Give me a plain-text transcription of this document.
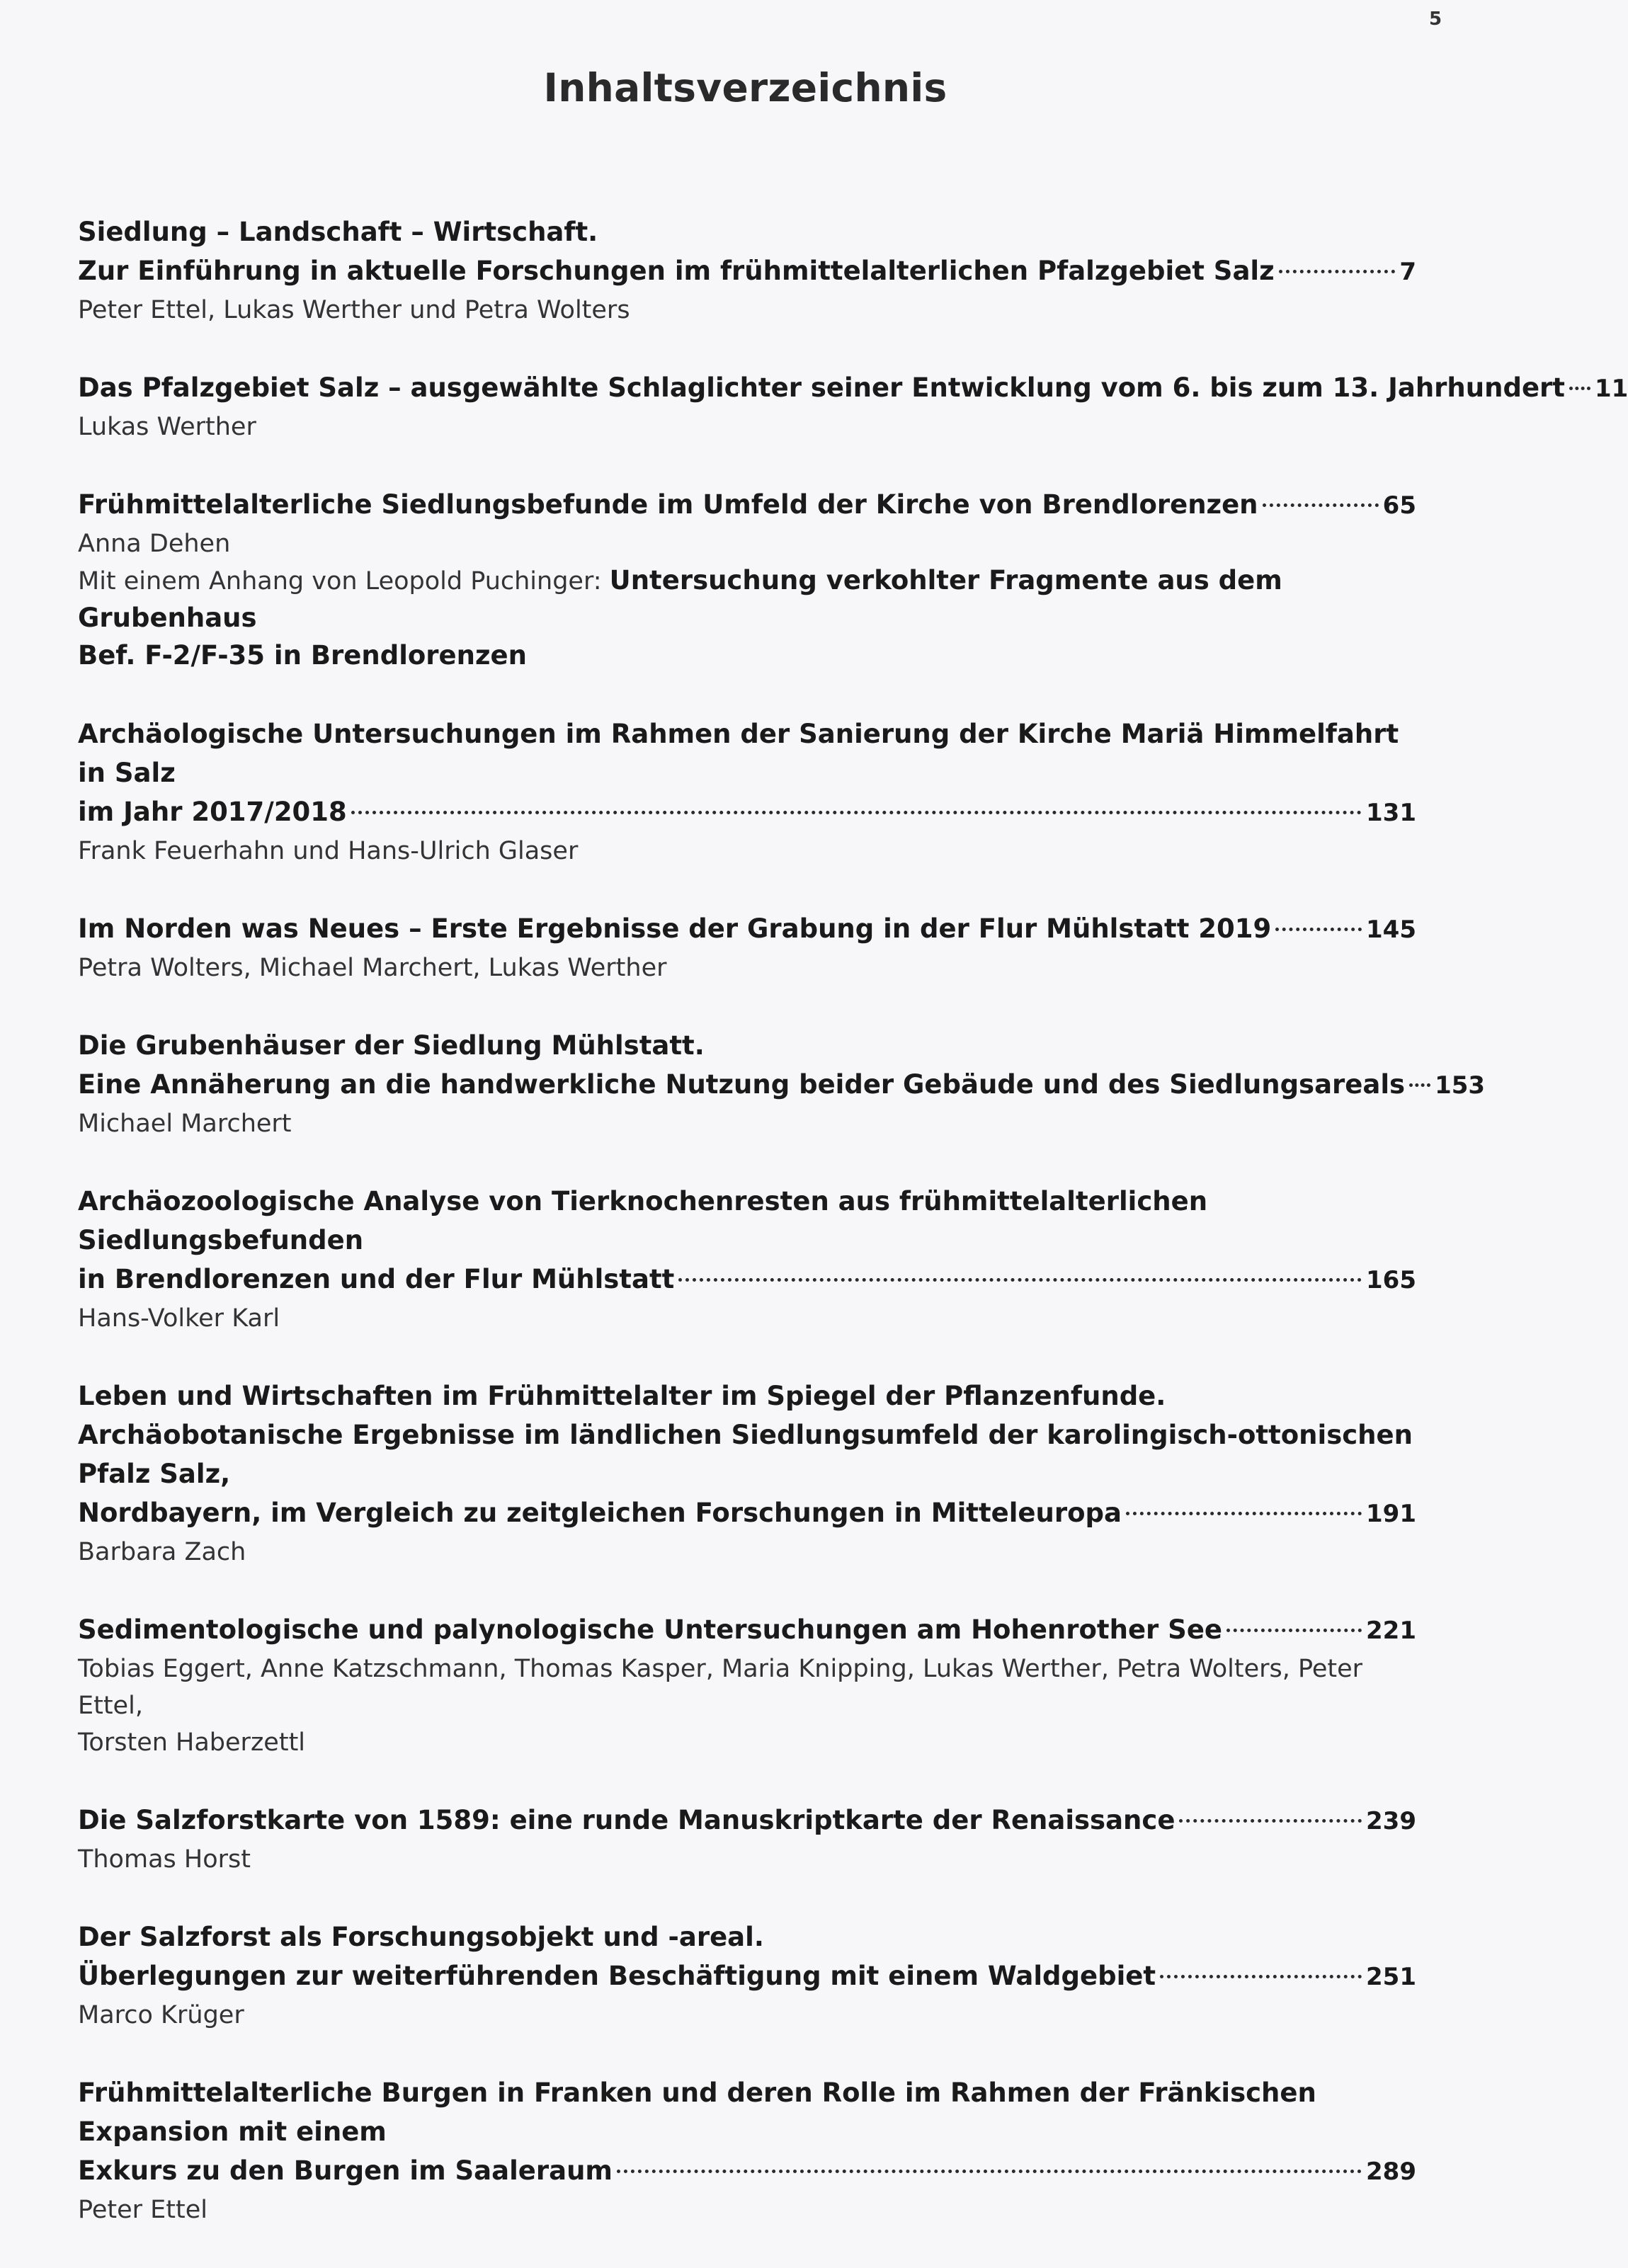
5
Inhaltsverzeichnis
Siedlung – Landschaft – Wirtschaft.
Zur Einführung in aktuelle Forschungen im frühmittelalterlichen Pfalzgebiet Salz	7
Peter Ettel, Lukas Werther und Petra Wolters
Das Pfalzgebiet Salz – ausgewählte Schlaglichter seiner Entwicklung vom 6. bis zum 13. Jahrhundert 11
Lukas Werther
Frühmittelalterliche Siedlungsbefunde im Umfeld der Kirche von Brendlorenzen	65
Anna Dehen
Mit einem Anhang von Leopold Puchinger: Untersuchung verkohlter Fragmente aus dem Grubenhaus
Bef. F-2/F-35 in Brendlorenzen
Archäologische Untersuchungen im Rahmen der Sanierung der Kirche Mariä Himmelfahrt in Salz
im Jahr 2017/2018	131
Frank Feuerhahn und Hans-Ulrich Glaser
Im Norden was Neues – Erste Ergebnisse der Grabung in der Flur Mühlstatt 2019	145
Petra Wolters, Michael Marchert, Lukas Werther
Die Grubenhäuser der Siedlung Mühlstatt.
Eine Annäherung an die handwerkliche Nutzung beider Gebäude und des Siedlungsareals 153
Michael Marchert
Archäozoologische Analyse von Tierknochenresten aus frühmittelalterlichen Siedlungsbefunden
in Brendlorenzen und der Flur Mühlstatt	165
Hans-Volker Karl
Leben und Wirtschaften im Frühmittelalter im Spiegel der Pflanzenfunde.
Archäobotanische Ergebnisse im ländlichen Siedlungsumfeld der karolingisch-ottonischen Pfalz Salz,
Nordbayern, im Vergleich zu zeitgleichen Forschungen in Mitteleuropa	191
Barbara Zach
Sedimentologische und palynologische Untersuchungen am Hohenrother See	221
Tobias Eggert, Anne Katzschmann, Thomas Kasper, Maria Knipping, Lukas Werther, Petra Wolters, Peter Ettel,
Torsten Haberzettl
Die Salzforstkarte von 1589: eine runde Manuskriptkarte der Renaissance	239
Thomas Horst
Der Salzforst als Forschungsobjekt und -areal.
Überlegungen zur weiterführenden Beschäftigung mit einem Waldgebiet	251
Marco Krüger
Frühmittelalterliche Burgen in Franken und deren Rolle im Rahmen der Fränkischen Expansion mit einem
Exkurs zu den Burgen im Saaleraum	289
Peter Ettel
